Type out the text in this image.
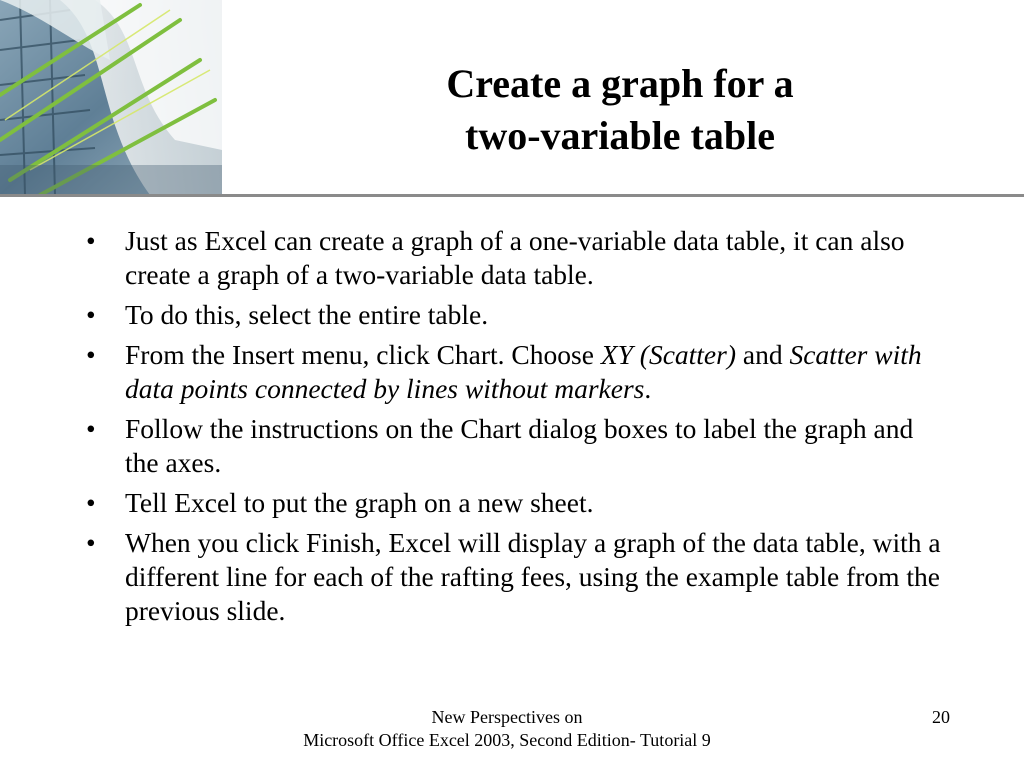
Create a graph for a
two-variable table
• Just as Excel can create a graph of a one-variable data table, it can also create a graph of a two-variable data table.
• To do this, select the entire table.
• From the Insert menu, click Chart. Choose XY (Scatter) and Scatter with data points connected by lines without markers.
• Follow the instructions on the Chart dialog boxes to label the graph and the axes.
• Tell Excel to put the graph on a new sheet.
• When you click Finish, Excel will display a graph of the data table, with a different line for each of the rafting fees, using the example table from the previous slide.
New Perspectives on
Microsoft Office Excel 2003, Second Edition- Tutorial 9
20
